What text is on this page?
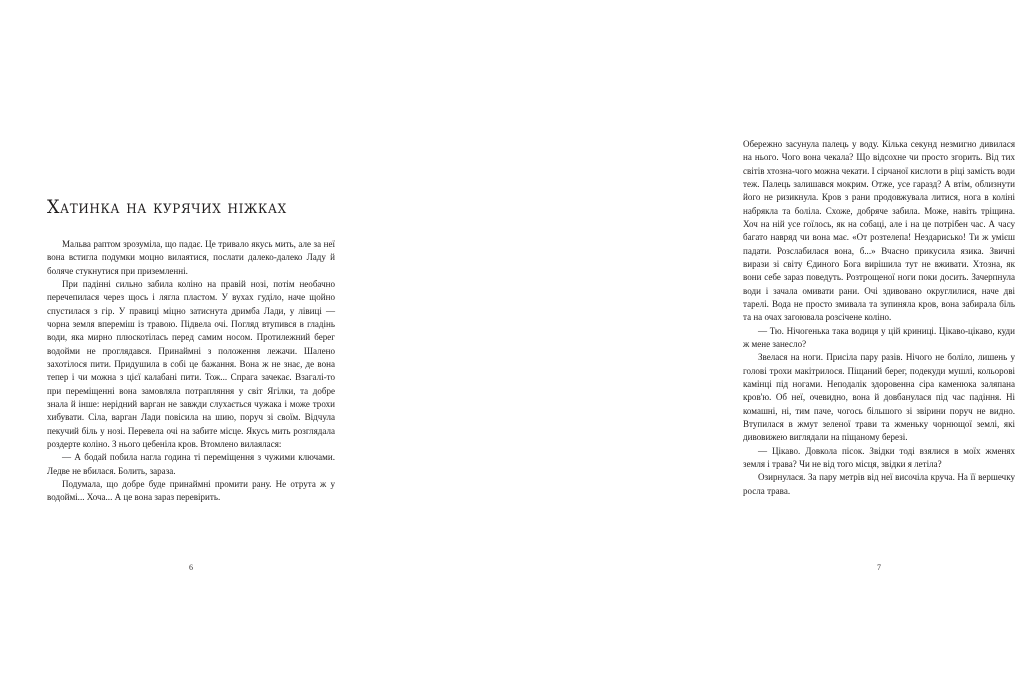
Хатинка на курячих ніжках

Мальва раптом зрозуміла, що падає. Це тривало якусь мить, але за неї вона встигла подумки моцно вилаятися, послати далеко-далеко Ладу й боляче стукнутися при приземленні.

При падінні сильно забила коліно на правій нозі, потім необачно перечепилася через щось і лягла пластом. У вухах гуділо, наче щойно спустилася з гір. У правиці міцно затиснута дримба Лади, у лівиці — чорна земля впереміш із травою. Підвела очі. Погляд втупився в гладінь води, яка мирно плюскотілась перед самим носом. Протилежний берег водойми не проглядався. Принаймні з положення лежачи. Шалено захотілося пити. Придушила в собі це бажання. Вона ж не знає, де вона тепер і чи можна з цієї калабані пити. Тож... Спрага зачекає. Взагалі-то при переміщенні вона замовляла потрапляння у світ Ягілки, та добре знала й інше: нерідний варган не завжди слухається чужака і може трохи хибувати. Сіла, варган Лади повісила на шию, поруч зі своїм. Відчула пекучий біль у нозі. Перевела очі на забите місце. Якусь мить розглядала роздерте коліно. З нього цебеніла кров. Втомлено вилаялася:

— А бодай побила нагла година ті переміщення з чужими ключами. Ледве не вбилася. Болить, зараза.

Подумала, що добре буде принаймні промити рану. Не отрута ж у водоймі... Хоча... А це вона зараз перевірить.

6

Обережно засунула палець у воду. Кілька секунд незмигно дивилася на нього. Чого вона чекала? Що відсохне чи просто згорить. Від тих світів хтозна-чого можна чекати. І сірчаної кислоти в ріці замість води теж. Палець залишався мокрим. Отже, усе гаразд? А втім, облизнути його не ризикнула. Кров з рани продовжувала литися, нога в коліні набрякла та боліла. Схоже, добряче забила. Може, навіть тріщина. Хоч на ній усе гоїлось, як на собаці, але і на це потрібен час. А часу багато навряд чи вона має. «От розтелепа! Нездарисько! Ти ж умієш падати. Розслабилася вона, б...» Вчасно прикусила язика. Звичні вирази зі світу Єдиного Бога вирішила тут не вживати. Хтозна, як вони себе зараз поведуть. Розтрощеної ноги поки досить. Зачерпнула води і зачала омивати рани. Очі здивовано округлилися, наче дві тарелі. Вода не просто змивала та зупиняла кров, вона забирала біль та на очах загоювала розсічене коліно.

— Тю. Нічогенька така водиця у цій криниці. Цікаво-цікаво, куди ж мене занесло?

Звелася на ноги. Присіла пару разів. Нічого не боліло, лишень у голові трохи макітрилося. Піщаний берег, подекуди мушлі, кольорові камінці під ногами. Неподалік здоровенна сіра каменюка заляпана кров'ю. Об неї, очевидно, вона й довбанулася під час падіння. Ні комашні, ні, тим паче, чогось більшого зі звірини поруч не видно. Втупилася в жмут зеленої трави та жменьку чорнющої землі, які дивовижею виглядали на піщаному березі.

— Цікаво. Довкола пісок. Звідки тоді взялися в моїх жменях земля і трава? Чи не від того місця, звідки я летіла?

Озирнулася. За пару метрів від неї височіла круча. На її вершечку росла трава.

7
